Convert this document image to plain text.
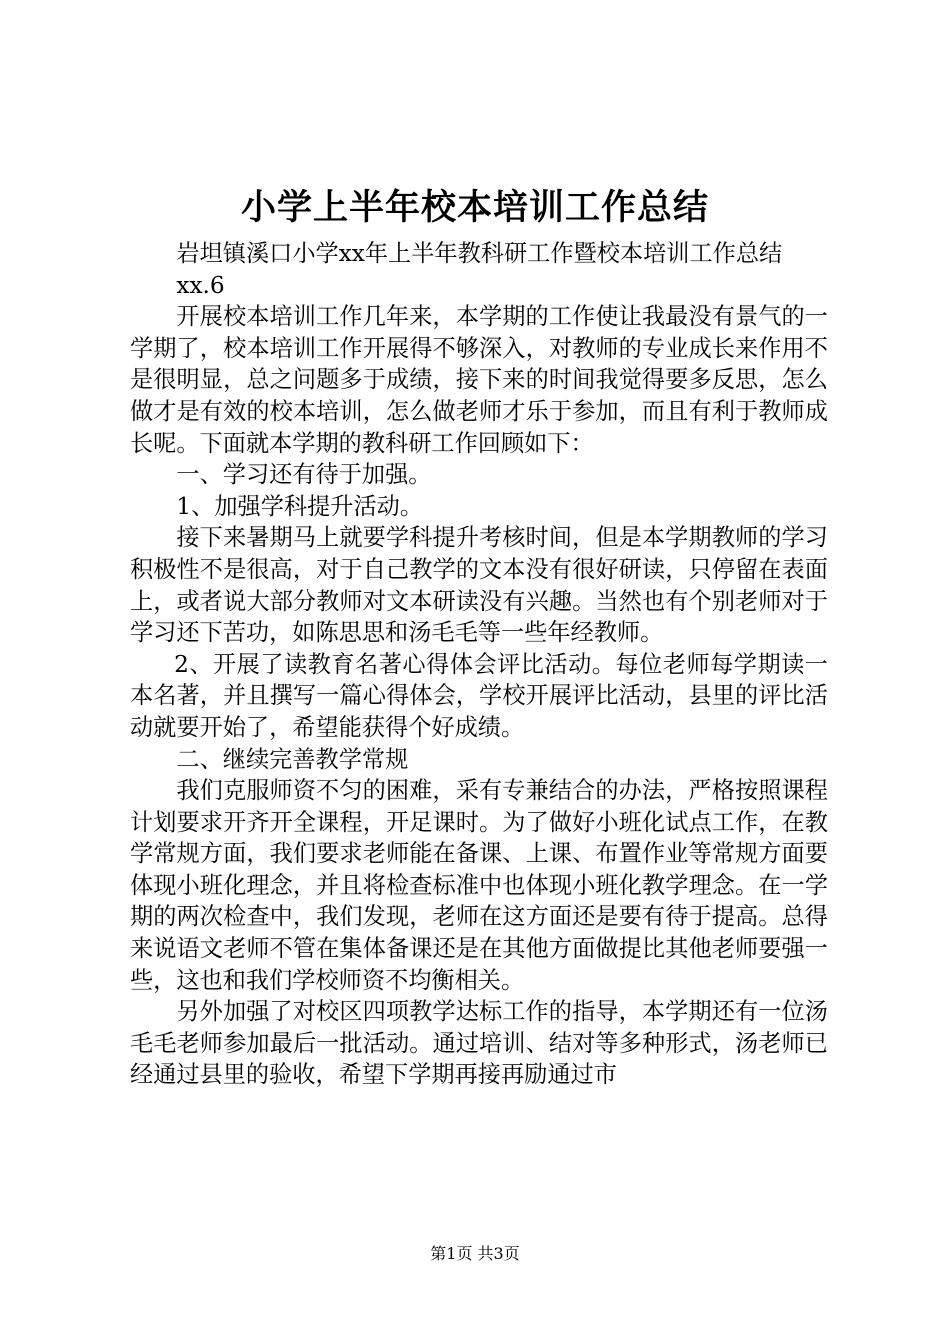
小学上半年校本培训工作总结

岩坦镇溪口小学xx年上半年教科研工作暨校本培训工作总结

xx.6

开展校本培训工作几年来，本学期的工作使让我最没有景气的一学期了，校本培训工作开展得不够深入，对教师的专业成长来作用不是很明显，总之问题多于成绩，接下来的时间我觉得要多反思，怎么做才是有效的校本培训，怎么做老师才乐于参加，而且有利于教师成长呢。下面就本学期的教科研工作回顾如下：

一、学习还有待于加强。

1、加强学科提升活动。

接下来暑期马上就要学科提升考核时间，但是本学期教师的学习积极性不是很高，对于自己教学的文本没有很好研读，只停留在表面上，或者说大部分教师对文本研读没有兴趣。当然也有个别老师对于学习还下苦功，如陈思思和汤毛毛等一些年经教师。

2、开展了读教育名著心得体会评比活动。每位老师每学期读一本名著，并且撰写一篇心得体会，学校开展评比活动，县里的评比活动就要开始了，希望能获得个好成绩。

二、继续完善教学常规

我们克服师资不匀的困难，采有专兼结合的办法，严格按照课程计划要求开齐开全课程，开足课时。为了做好小班化试点工作，在教学常规方面，我们要求老师能在备课、上课、布置作业等常规方面要体现小班化理念，并且将检查标准中也体现小班化教学理念。在一学期的两次检查中，我们发现，老师在这方面还是要有待于提高。总得来说语文老师不管在集体备课还是在其他方面做提比其他老师要强一些，这也和我们学校师资不均衡相关。

另外加强了对校区四项教学达标工作的指导，本学期还有一位汤毛毛老师参加最后一批活动。通过培训、结对等多种形式，汤老师已经通过县里的验收，希望下学期再接再励通过市

第1页 共3页
